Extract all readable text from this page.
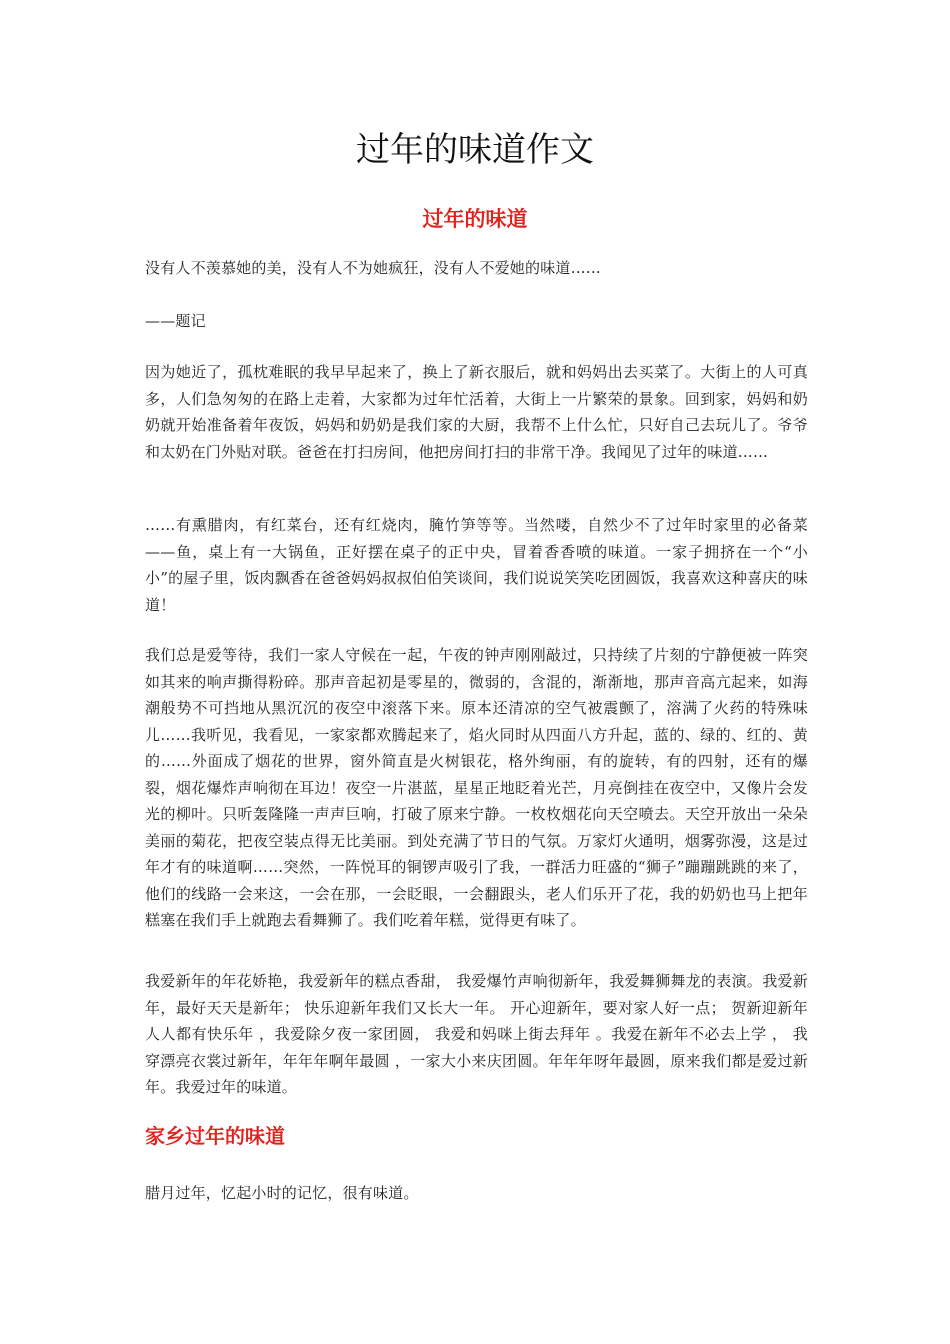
过年的味道作文
过年的味道

没有人不羡慕她的美，没有人不为她疯狂，没有人不爱她的味道……

——题记

因为她近了，孤枕难眠的我早早起来了，换上了新衣服后，就和妈妈出去买菜了。大街上的人可真多，人们急匆匆的在路上走着，大家都为过年忙活着，大街上一片繁荣的景象。回到家，妈妈和奶奶就开始准备着年夜饭，妈妈和奶奶是我们家的大厨，我帮不上什么忙，只好自己去玩儿了。爷爷和太奶在门外贴对联。爸爸在打扫房间，他把房间打扫的非常干净。我闻见了过年的味道……

……有熏腊肉，有红菜台，还有红烧肉，腌竹笋等等。当然喽，自然少不了过年时家里的必备菜——鱼，桌上有一大锅鱼，正好摆在桌子的正中央，冒着香香喷的味道。一家子拥挤在一个“小小”的屋子里，饭肉飘香在爸爸妈妈叔叔伯伯笑谈间，我们说说笑笑吃团圆饭，我喜欢这种喜庆的味道！

我们总是爱等待，我们一家人守候在一起，午夜的钟声刚刚敲过，只持续了片刻的宁静便被一阵突如其来的响声撕得粉碎。那声音起初是零星的，微弱的，含混的，渐渐地，那声音高亢起来，如海潮般势不可挡地从黑沉沉的夜空中滚落下来。原本还清凉的空气被震颤了，溶满了火药的特殊味儿……我听见，我看见，一家家都欢腾起来了，焰火同时从四面八方升起，蓝的、绿的、红的、黄的……外面成了烟花的世界，窗外简直是火树银花，格外绚丽，有的旋转，有的四射，还有的爆裂，烟花爆炸声响彻在耳边！夜空一片湛蓝，星星正地眨着光芒，月亮倒挂在夜空中，又像片会发光的柳叶。只听轰隆隆一声声巨响，打破了原来宁静。一枚枚烟花向天空喷去。天空开放出一朵朵美丽的菊花，把夜空装点得无比美丽。到处充满了节日的气氛。万家灯火通明，烟雾弥漫，这是过年才有的味道啊……突然，一阵悦耳的铜锣声吸引了我，一群活力旺盛的“狮子”蹦蹦跳跳的来了，他们的线路一会来这，一会在那，一会眨眼，一会翻跟头，老人们乐开了花，我的奶奶也马上把年糕塞在我们手上就跑去看舞狮了。我们吃着年糕，觉得更有味了。

我爱新年的年花娇艳，我爱新年的糕点香甜， 我爱爆竹声响彻新年，我爱舞狮舞龙的表演。我爱新年，最好天天是新年； 快乐迎新年我们又长大一年。 开心迎新年，要对家人好一点； 贺新迎新年人人都有快乐年 ，我爱除夕夜一家团圆， 我爱和妈咪上街去拜年 。我爱在新年不必去上学 ， 我穿漂亮衣裳过新年，年年年啊年最圆 ，一家大小来庆团圆。年年年呀年最圆，原来我们都是爱过新年。我爱过年的味道。

家乡过年的味道

腊月过年，忆起小时的记忆，很有味道。
